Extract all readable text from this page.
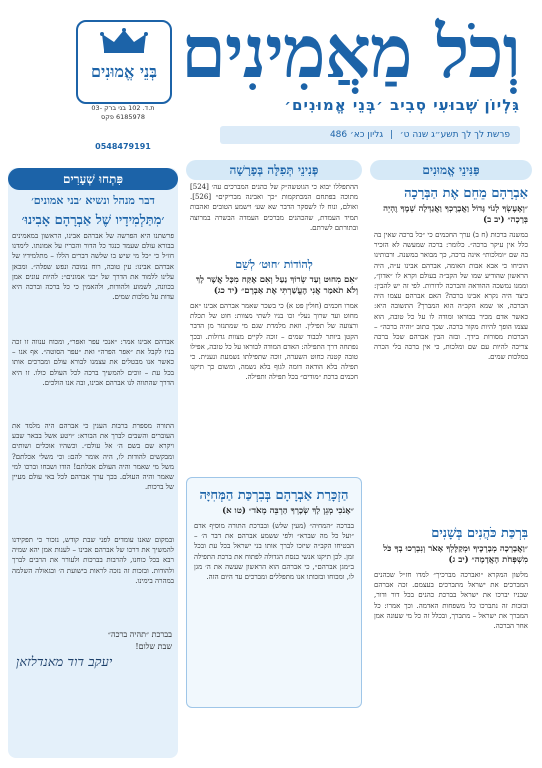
בְּנֵי אֱמוּנִים
ת.ד. 102 בני ברק 03-6185978 פקס
0548479191
וְכֹל מַאֲמִינִים
גִּלְיוֹן שְׁבוּעִי סְבִיב ׳בְּנֵי אֱמוּנִים׳
פרשת לך לך תשע״ג שנה ט׳ | גליון כא׳ 486
פַּנִּינֵי אֱמוּנִים
אַבְרָהָם מֵחֵם אֶת הַבְּרָכָה
״וְאֶעֶשְׂךָ לְגוֹי גָּדוֹל וַאֲבָרֶכְךָ וַאֲגַדְּלָה שְׁמֶךָ וֶהְיֵה בְּרָכָה״ (יב ב)
במשנה ברכות (ח ב) ערך החכמים כי ״כל ברכה שאין בה כלל אין עיקר ברכה״. כלומר: ברכה שמעשה לא הזכיר בה שם ״ומלכות״ אינה ברכה, כך מבואר במשנה. ורבותינו הוכיחו כי אבא אבות האומה, אברהם אבינו ע״ה, היה הראשון שהודיע שמו של הקב״ה בעולם וקרא לו ״אדון״, וממנו נמשכה ההודאה והברכה לדורות. לפי זה יש להבין: כיצד היה נקרא אבינו ברכה? האם אברהם עצמו היה הברכה, או שמא הקב״ה הוא המברך? התשובה היא: כאשר אדם מכיר בבוראו ומודה לו על כל טובה, הוא עצמו הופך להיות מקור ברכה. שכך כתוב ״והיה ברכה״ – הברכות מסורות בידך. ובזה הבין אברהם שכל ברכה צריכה להיות עם שם ומלכות, כי אין ברכה בלי הכרה במלכות שמים.
בִּרְכַּת כֹּהֲנִים בְּשָׁנִים
״וַאֲבָרְכָה מְבָרְכֶיךָ וּמְקַלֶּלְךָ אָאֹר וְנִבְרְכוּ בְךָ כֹּל מִשְׁפְּחֹת הָאֲדָמָה״ (יב ג)
מלשון המקרא ״ואברכה מברכיך״ למדו חז״ל שכהנים המברכים את ישראל מתברכים בעצמם. זכה אברהם שבניו יברכו את ישראל בברכת כהנים בכל דור ודור, ובזכות זה נתברכו כל משפחות האדמה. וכך אמרו: כל המברך את ישראל – מתברך, ובכלל זה כל מי שעונה אמן אחר הברכה.
פְּנִינֵי תְּפִלָּה בְּפָרָשָׁה
ההתפללו יבוא כי הגוטשה״ק של כהנים המברכים עה׳ [524] מתוכה בפתחם המכתקמות ״כך ואבינה מבריקים״ [526]. ואולם, ונוח לו לשסקר הדבר שא שע׳ וישמע הטובים ואהבות תמיד העמדת, שהכהנים מברכים העמדה הבשרה במרוצה ובתורתם לשרתם.
לְהוֹדוֹת ׳חוּט׳ לְשֵׁם
״אִם מִחוּט וְעַד שְׂרוֹךְ נַעַל וְאִם אֶקַּח מִכָּל אֲשֶׁר לָךְ וְלֹא תֹאמַר אֲנִי הֶעֱשַׁרְתִּי אֶת אַבְרָם״ (יד כג)
אמרו חכמים (חולין פט א) כי בשכר שאמר אברהם אבינו ״אם מחוט ועד שרוך נעל״ זכו בניו לשתי מצוות: חוט של תכלת ורצועה של תפילין. וזאת מלמדת שגם מי שמתנזר מן הדבר הקטן ביותר לכבוד שמים – זוכה לקיים מצוות גדולות. ובכך נפתחה דרך התפילה: האדם המודה לבוראו על כל טובה, אפילו טובה קטנה כחוט השערה, זוכה שתפילתו נשמעת ונענית. כי תפילה בלא הודאה דומה לגוף בלא נשמה, ומשום כך תיקנו חכמים ברכת ״מודים״ בכל תפילה ותפילה.
הַזְכָּרַת אַבְרָהָם בְּבִרְכַּת הַמְּחִיָּה
״אָנֹכִי מְגֵן לָךְ שְׂכָרְךָ הַרְבֵּה מְאֹד״ (טו א)
בברכה ״המחיה״ (מעין שלש) ובברכת התורה מוסיף אדם ״ועל כל מה שברא״ ולפי ששמע אברהם את דבר ה׳ – הבטיחו הקב״ה שיזכו לברך אותו בני ישראל בכל עת ובכל זמן. לכן תיקנו אנשי כנסת הגדולה לפתוח את ברכת התפילה ב״מגן אברהם״, כי אברהם הוא הראשון שעשה את ה׳ מגן לו, ומכוחו ובזכותו אנו מתפללים ומברכים עד היום הזה.
פִּתְחוּ שְׁעָרִים
דבר מנהל ונשיא ׳בני אמונים׳
׳מִתַּלְמִידָיו שֶׁל אַבְרָהָם אָבִינוּ׳
פרשתנו היא הפרשה של אברהם אבינו, הראשון במאמינים בבורא עולם שעמד כנגד כל הדור והכריז על אמונתו. לימדנו חז״ל כי ״כל מי שיש בו שלשה דברים הללו – מתלמידיו של אברהם אבינו: עין טובה, רוח נמוכה ונפש שפלה״. ומכאן עלינו ללמוד את הדרך של ״בני אמונים״: להיות עונים אמן בכוונה, לשמוע ולהודות, ולהאמין כי כל ברכה וברכה היא עדות על מלכות שמים.
אברהם אבינו אמר: ״אנכי עפר ואפר״, ומכוח ענווה זו זכה בניו לקבל את ״אפר הפרה״ ואת ״עפר הסוטה״. אף אנו – כאשר אנו מבטלים את עצמנו לבורא עולם ומברכים אותו בכל עת – זוכים להמשיך ברכה לכל העולם כולו. זו היא הדרך שהתווה לנו אברהם אבינו, ובה אנו הולכים.
התורה מספרת ברבות הענין כי אברהם היה מלמד את העוברים והשבים לברך את הבורא: ״ויטע אשל בבאר שבע ויקרא שם בשם ה׳ אל עולם״. וכשהיו אוכלים ושותים ומבקשים להודות לו, היה אומר להם: וכי משלי אכלתם? משל מי שאמר והיה העולם אכלתם! הודו ושבחו וברכו למי שאמר והיה העולם. בכך ערך אברהם לכל באי עולם מעיין של ברכות.
ובמקום שאנו עומדים לפני שבת קודש, נזכור כי תפקידנו להמשיך את דרכו של אברהם אבינו – לענות אמן יהא שמיה רבא בכל כוחנו, להרבות בברכות ולעורר את הרבים לברך ולהודות. ובזכות זה נזכה לראות בישועת ה׳ ובגאולה השלמה במהרה בימינו.
בברכת ״תהיה ברכה״
שבת שלום!
יעקב דוד מאנדלזאן
